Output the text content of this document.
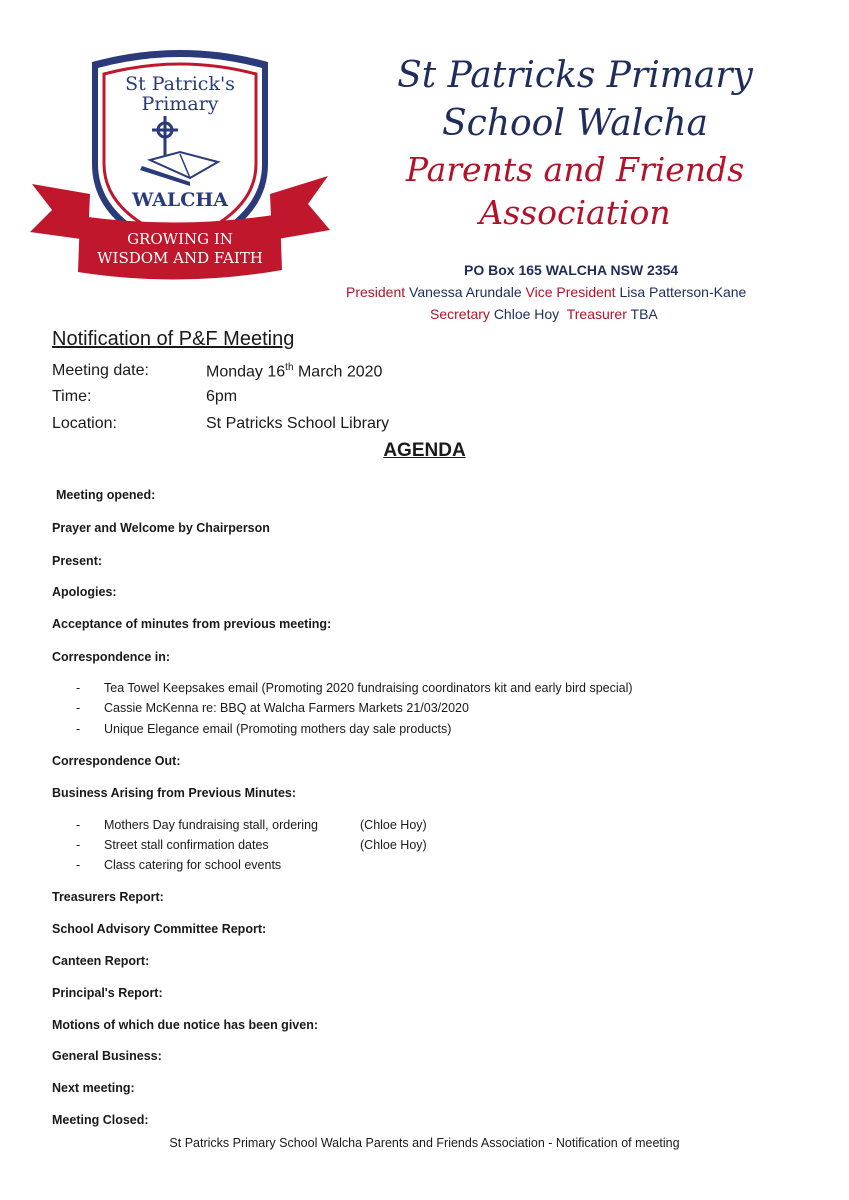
St Patrick's
Primary
WALCHA
GROWING IN
WISDOM AND FAITH
St Patricks Primary
School Walcha
Parents and Friends
Association
PO Box 165 WALCHA NSW 2354
President Vanessa Arundale Vice President Lisa Patterson-Kane
Secretary Chloe Hoy Treasurer TBA
Notification of P&F Meeting
Meeting date:	Monday 16th March 2020
Time:	6pm
Location:	St Patricks School Library
AGENDA
Meeting opened:
Prayer and Welcome by Chairperson
Present:
Apologies:
Acceptance of minutes from previous meeting:
Correspondence in:
- Tea Towel Keepsakes email (Promoting 2020 fundraising coordinators kit and early bird special)
- Cassie McKenna re: BBQ at Walcha Farmers Markets 21/03/2020
- Unique Elegance email (Promoting mothers day sale products)
Correspondence Out:
Business Arising from Previous Minutes:
- Mothers Day fundraising stall, ordering	(Chloe Hoy)
- Street stall confirmation dates	(Chloe Hoy)
- Class catering for school events
Treasurers Report:
School Advisory Committee Report:
Canteen Report:
Principal's Report:
Motions of which due notice has been given:
General Business:
Next meeting:
Meeting Closed:
St Patricks Primary School Walcha Parents and Friends Association - Notification of meeting
